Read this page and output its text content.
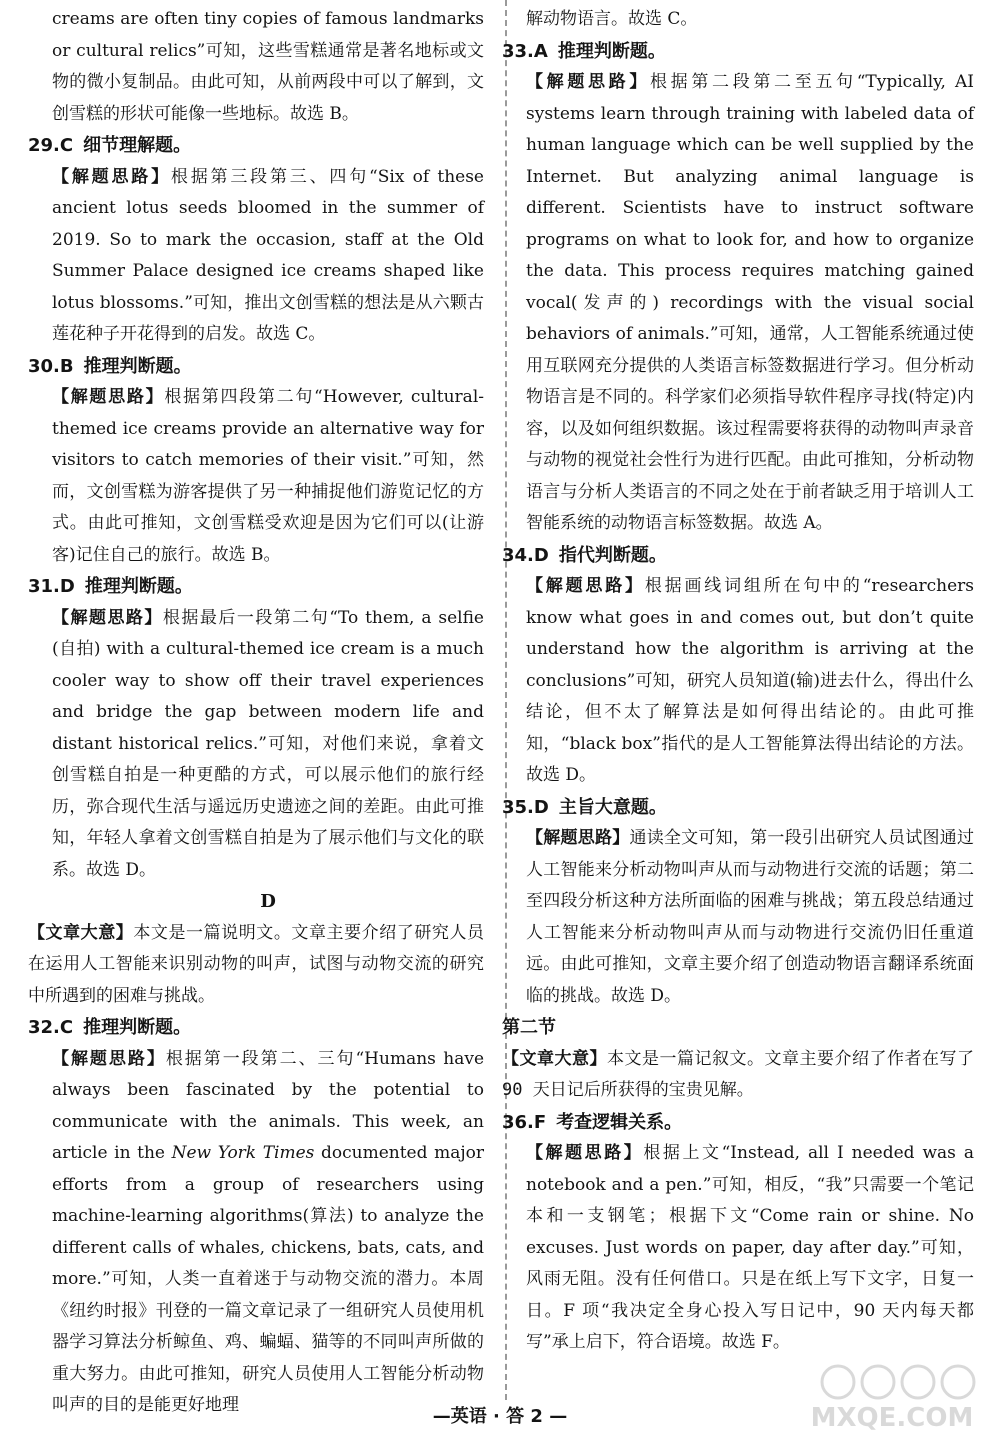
creams are often tiny copies of famous landmarks or cultural relics”可知，这些雪糕通常是著名地标或文物的微小复制品。由此可知，从前两段中可以了解到，文创雪糕的形状可能像一些地标。故选 B。

29.C 细节理解题。

【解题思路】根据第三段第三、四句“Six of these ancient lotus seeds bloomed in the summer of 2019. So to mark the occasion, staff at the Old Summer Palace designed ice creams shaped like lotus blossoms.”可知，推出文创雪糕的想法是从六颗古莲花种子开花得到的启发。故选 C。

30.B 推理判断题。

【解题思路】根据第四段第二句“However, cultural-themed ice creams provide an alternative way for visitors to catch memories of their visit.”可知，然而，文创雪糕为游客提供了另一种捕捉他们游览记忆的方式。由此可推知，文创雪糕受欢迎是因为它们可以(让游客)记住自己的旅行。故选 B。

31.D 推理判断题。

【解题思路】根据最后一段第二句“To them, a selfie (自拍) with a cultural-themed ice cream is a much cooler way to show off their travel experiences and bridge the gap between modern life and distant historical relics.”可知，对他们来说，拿着文创雪糕自拍是一种更酷的方式，可以展示他们的旅行经历，弥合现代生活与遥远历史遗迹之间的差距。由此可推知，年轻人拿着文创雪糕自拍是为了展示他们与文化的联系。故选 D。

D

【文章大意】本文是一篇说明文。文章主要介绍了研究人员在运用人工智能来识别动物的叫声，试图与动物交流的研究中所遇到的困难与挑战。

32.C 推理判断题。

【解题思路】根据第一段第二、三句“Humans have always been fascinated by the potential to communicate with the animals. This week, an article in the New York Times documented major efforts from a group of researchers using machine-learning algorithms(算法) to analyze the different calls of whales, chickens, bats, cats, and more.”可知，人类一直着迷于与动物交流的潜力。本周《纽约时报》刊登的一篇文章记录了一组研究人员使用机器学习算法分析鲸鱼、鸡、蝙蝠、猫等的不同叫声所做的重大努力。由此可推知，研究人员使用人工智能分析动物叫声的目的是能更好地理

解动物语言。故选 C。

33.A 推理判断题。

【解题思路】根据第二段第二至五句“Typically, AI systems learn through training with labeled data of human language which can be well supplied by the Internet. But analyzing animal language is different. Scientists have to instruct software programs on what to look for, and how to organize the data. This process requires matching gained vocal(发声的) recordings with the visual social behaviors of animals.”可知，通常，人工智能系统通过使用互联网充分提供的人类语言标签数据进行学习。但分析动物语言是不同的。科学家们必须指导软件程序寻找(特定)内容，以及如何组织数据。该过程需要将获得的动物叫声录音与动物的视觉社会性行为进行匹配。由此可推知，分析动物语言与分析人类语言的不同之处在于前者缺乏用于培训人工智能系统的动物语言标签数据。故选 A。

34.D 指代判断题。

【解题思路】根据画线词组所在句中的“researchers know what goes in and comes out, but don’t quite understand how the algorithm is arriving at the conclusions”可知，研究人员知道(输)进去什么，得出什么结论，但不太了解算法是如何得出结论的。由此可推知，“black box”指代的是人工智能算法得出结论的方法。故选 D。

35.D 主旨大意题。

【解题思路】通读全文可知，第一段引出研究人员试图通过人工智能来分析动物叫声从而与动物进行交流的话题；第二至四段分析这种方法所面临的困难与挑战；第五段总结通过人工智能来分析动物叫声从而与动物进行交流仍旧任重道远。由此可推知，文章主要介绍了创造动物语言翻译系统面临的挑战。故选 D。

第二节

【文章大意】本文是一篇记叙文。文章主要介绍了作者在写了 90 天日记后所获得的宝贵见解。

36.F 考查逻辑关系。

【解题思路】根据上文“Instead, all I needed was a notebook and a pen.”可知，相反，“我”只需要一个笔记本和一支钢笔；根据下文“Come rain or shine. No excuses. Just words on paper, day after day.”可知，风雨无阻。没有任何借口。只是在纸上写下文字，日复一日。F 项“我决定全身心投入写日记中，90 天内每天都写”承上启下，符合语境。故选 F。

—英语 · 答 2 —	MXQE.COM
